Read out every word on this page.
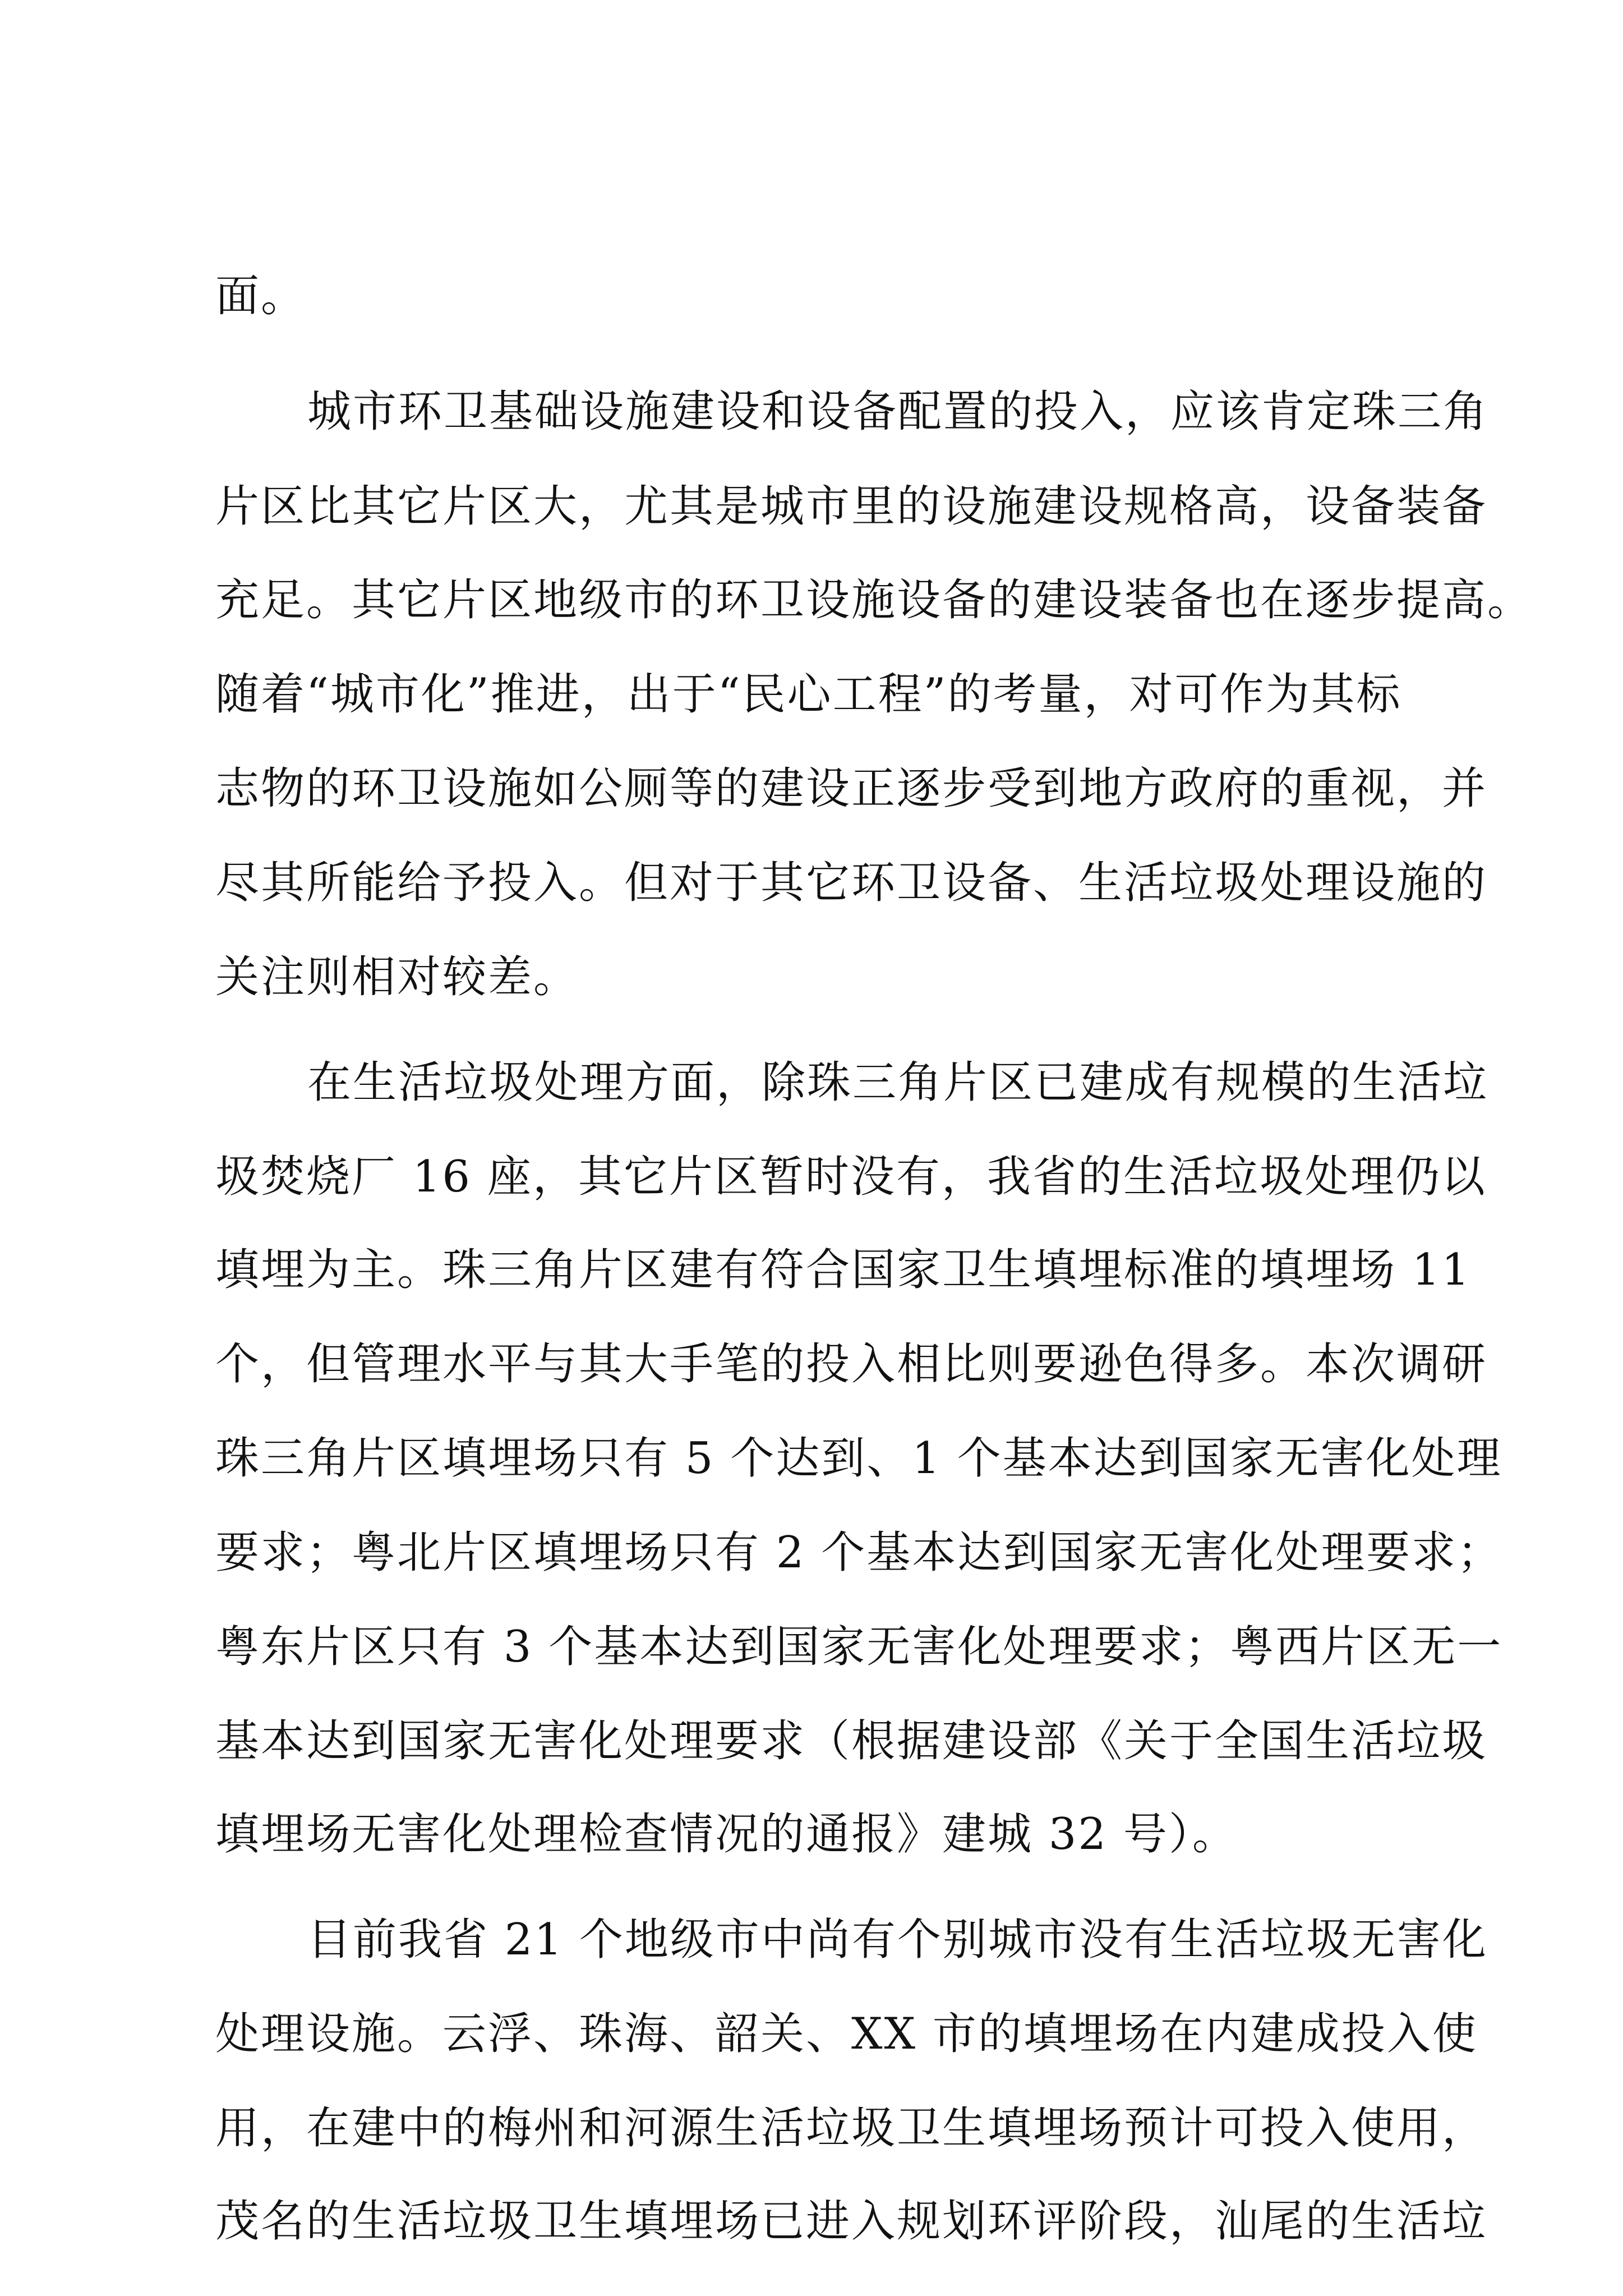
面。
城市环卫基础设施建设和设备配置的投入，应该肯定珠三角
片区比其它片区大，尤其是城市里的设施建设规格高，设备装备
充足。其它片区地级市的环卫设施设备的建设装备也在逐步提高。
随着“城市化”推进，出于“民心工程”的考量，对可作为其标
志物的环卫设施如公厕等的建设正逐步受到地方政府的重视，并
尽其所能给予投入。但对于其它环卫设备、生活垃圾处理设施的
关注则相对较差。
在生活垃圾处理方面，除珠三角片区已建成有规模的生活垃
圾焚烧厂 16 座，其它片区暂时没有，我省的生活垃圾处理仍以
填埋为主。珠三角片区建有符合国家卫生填埋标准的填埋场 11
个，但管理水平与其大手笔的投入相比则要逊色得多。本次调研
珠三角片区填埋场只有 5 个达到、1 个基本达到国家无害化处理
要求；粤北片区填埋场只有 2 个基本达到国家无害化处理要求；
粤东片区只有 3 个基本达到国家无害化处理要求；粤西片区无一
基本达到国家无害化处理要求（根据建设部《关于全国生活垃圾
填埋场无害化处理检查情况的通报》建城 32 号）。
目前我省 21 个地级市中尚有个别城市没有生活垃圾无害化
处理设施。云浮、珠海、韶关、XX 市的填埋场在内建成投入使
用，在建中的梅州和河源生活垃圾卫生填埋场预计可投入使用，
茂名的生活垃圾卫生填埋场已进入规划环评阶段，汕尾的生活垃
